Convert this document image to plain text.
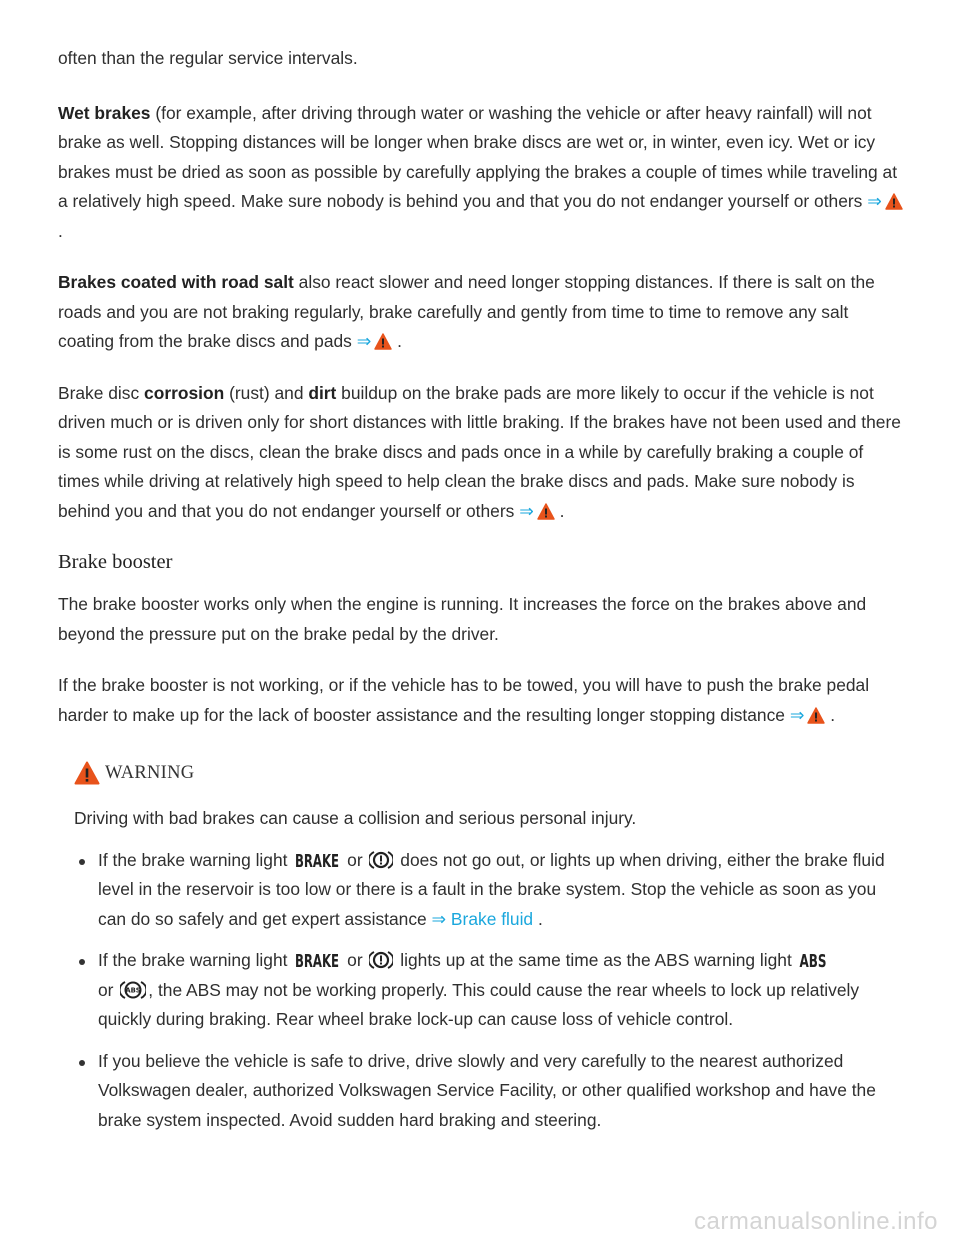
often than the regular service intervals.

Wet brakes (for example, after driving through water or washing the vehicle or after heavy rainfall) will not brake as well. Stopping distances will be longer when brake discs are wet or, in winter, even icy. Wet or icy brakes must be dried as soon as possible by carefully applying the brakes a couple of times while traveling at a relatively high speed. Make sure nobody is behind you and that you do not endanger yourself or others ⇒ .

Brakes coated with road salt also react slower and need longer stopping distances. If there is salt on the roads and you are not braking regularly, brake carefully and gently from time to time to remove any salt coating from the brake discs and pads ⇒ .

Brake disc corrosion (rust) and dirt buildup on the brake pads are more likely to occur if the vehicle is not driven much or is driven only for short distances with little braking. If the brakes have not been used and there is some rust on the discs, clean the brake discs and pads once in a while by carefully braking a couple of times while driving at relatively high speed to help clean the brake discs and pads. Make sure nobody is behind you and that you do not endanger yourself or others ⇒ .

Brake booster

The brake booster works only when the engine is running. It increases the force on the brakes above and beyond the pressure put on the brake pedal by the driver.

If the brake booster is not working, or if the vehicle has to be towed, you will have to push the brake pedal harder to make up for the lack of booster assistance and the resulting longer stopping distance ⇒ .

WARNING

Driving with bad brakes can cause a collision and serious personal injury.

If the brake warning light BRAKE or  does not go out, or lights up when driving, either the brake fluid level in the reservoir is too low or there is a fault in the brake system. Stop the vehicle as soon as you can do so safely and get expert assistance ⇒ Brake fluid .
If the brake warning light BRAKE or  lights up at the same time as the ABS warning light ABS

or ABS , the ABS may not be working properly. This could cause the rear wheels to lock up relatively quickly during braking. Rear wheel brake lock-up can cause loss of vehicle control.
If you believe the vehicle is safe to drive, drive slowly and very carefully to the nearest authorized Volkswagen dealer, authorized Volkswagen Service Facility, or other qualified workshop and have the brake system inspected. Avoid sudden hard braking and steering.
carmanualsonline.info
